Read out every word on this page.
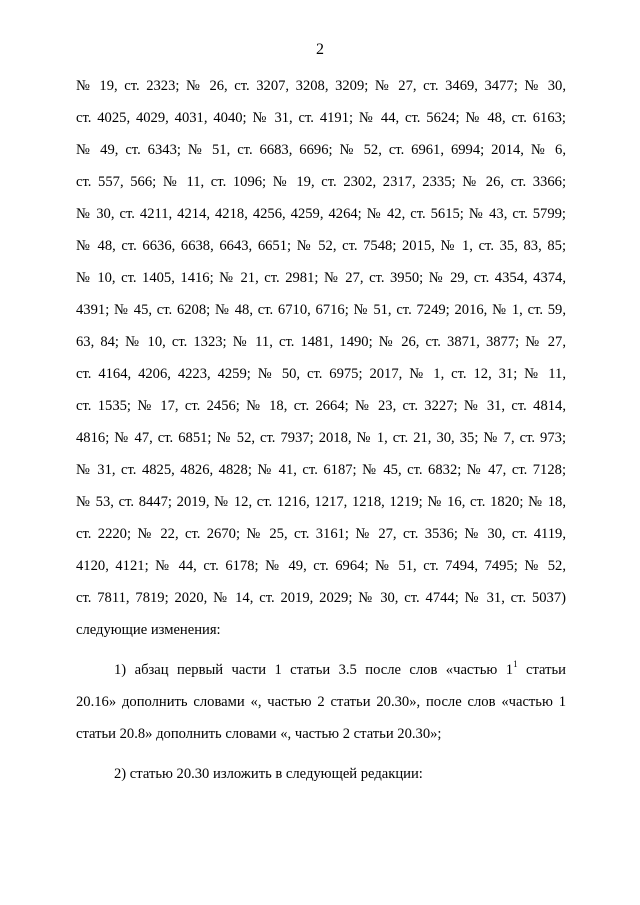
2
№ 19, ст. 2323; № 26, ст. 3207, 3208, 3209; № 27, ст. 3469, 3477; № 30,
ст. 4025, 4029, 4031, 4040; № 31, ст. 4191; № 44, ст. 5624; № 48, ст. 6163;
№ 49, ст. 6343; № 51, ст. 6683, 6696; № 52, ст. 6961, 6994; 2014, № 6,
ст. 557, 566; № 11, ст. 1096; № 19, ст. 2302, 2317, 2335; № 26, ст. 3366;
№ 30, ст. 4211, 4214, 4218, 4256, 4259, 4264; № 42, ст. 5615; № 43, ст. 5799;
№ 48, ст. 6636, 6638, 6643, 6651; № 52, ст. 7548; 2015, № 1, ст. 35, 83, 85;
№ 10, ст. 1405, 1416; № 21, ст. 2981; № 27, ст. 3950; № 29, ст. 4354, 4374,
4391; № 45, ст. 6208; № 48, ст. 6710, 6716; № 51, ст. 7249; 2016, № 1, ст. 59,
63, 84; № 10, ст. 1323; № 11, ст. 1481, 1490; № 26, ст. 3871, 3877; № 27,
ст. 4164, 4206, 4223, 4259; № 50, ст. 6975; 2017, № 1, ст. 12, 31; № 11,
ст. 1535; № 17, ст. 2456; № 18, ст. 2664; № 23, ст. 3227; № 31, ст. 4814,
4816; № 47, ст. 6851; № 52, ст. 7937; 2018, № 1, ст. 21, 30, 35; № 7, ст. 973;
№ 31, ст. 4825, 4826, 4828; № 41, ст. 6187; № 45, ст. 6832; № 47, ст. 7128;
№ 53, ст. 8447; 2019, № 12, ст. 1216, 1217, 1218, 1219; № 16, ст. 1820; № 18,
ст. 2220; № 22, ст. 2670; № 25, ст. 3161; № 27, ст. 3536; № 30, ст. 4119,
4120, 4121; № 44, ст. 6178; № 49, ст. 6964; № 51, ст. 7494, 7495; № 52,
ст. 7811, 7819; 2020, № 14, ст. 2019, 2029; № 30, ст. 4744; № 31, ст. 5037)
следующие изменения:
1) абзац первый части 1 статьи 3.5 после слов «частью $1^1$ статьи
20.16» дополнить словами «, частью 2 статьи 20.30», после слов «частью 1
статьи 20.8» дополнить словами «, частью 2 статьи 20.30»;
2) статью 20.30 изложить в следующей редакции:
